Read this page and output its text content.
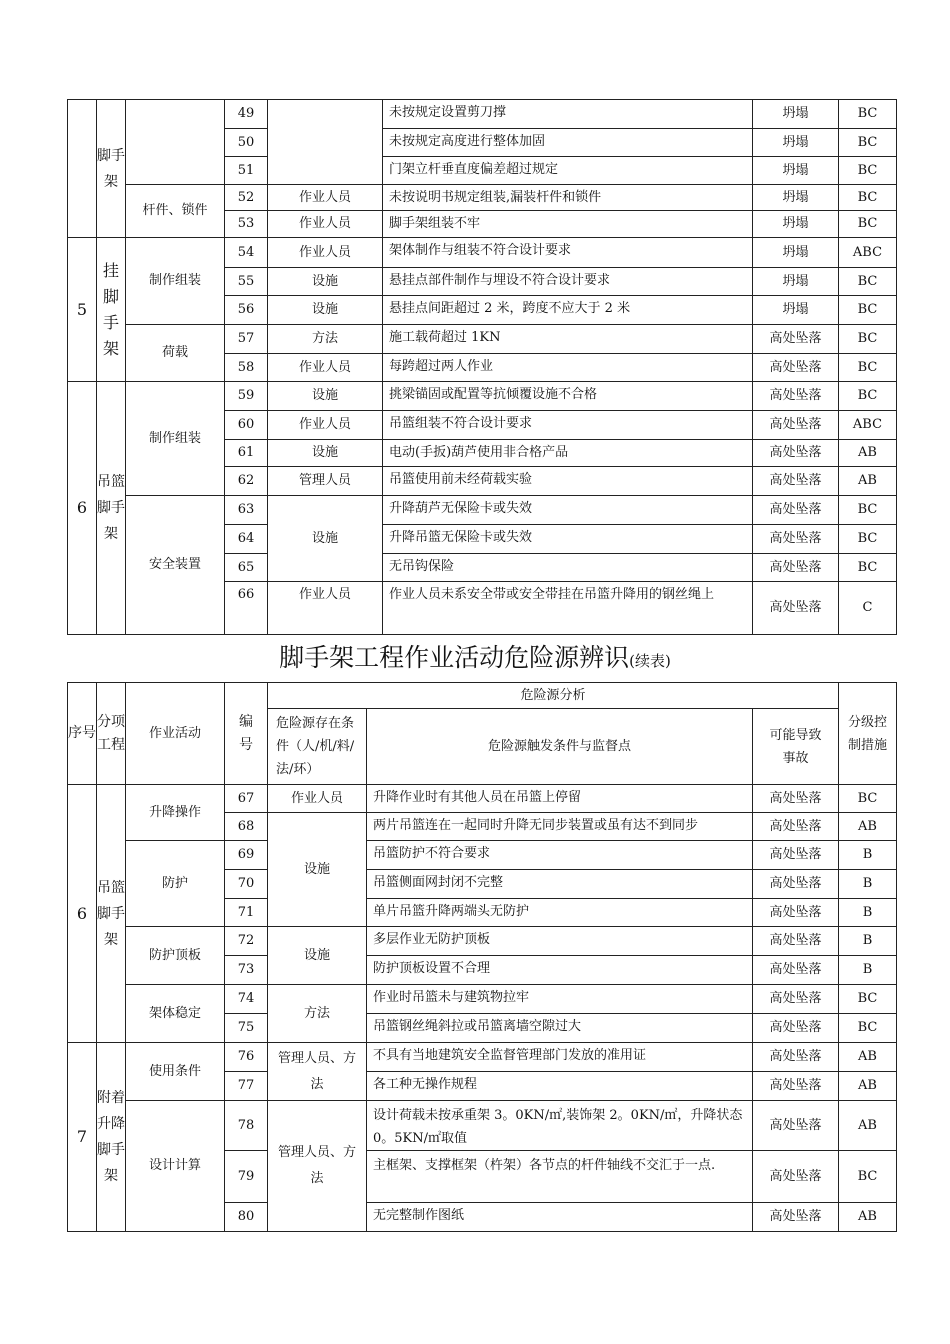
	脚手架		49		未按规定设置剪刀撑	坍塌	BC
			50		未按规定高度进行整体加固	坍塌	BC
			51		门架立杆垂直度偏差超过规定	坍塌	BC
		杆件、锁件	52	作业人员	未按说明书规定组装,漏装杆件和锁件	坍塌	BC
			53	作业人员	脚手架组装不牢	坍塌	BC
5	挂脚手架	制作组装	54	作业人员	架体制作与组装不符合设计要求	坍塌	ABC
			55	设施	悬挂点部件制作与埋设不符合设计要求	坍塌	BC
			56	设施	悬挂点间距超过 2 米，跨度不应大于 2 米	坍塌	BC
		荷载	57	方法	施工载荷超过 1KN	高处坠落	BC
			58	作业人员	每跨超过两人作业	高处坠落	BC
6	吊篮脚手架	制作组装	59	设施	挑梁锚固或配置等抗倾覆设施不合格	高处坠落	BC
			60	作业人员	吊篮组装不符合设计要求	高处坠落	ABC
			61	设施	电动(手扳)葫芦使用非合格产品	高处坠落	AB
			62	管理人员	吊篮使用前未经荷载实验	高处坠落	AB
		安全装置	63	设施	升降葫芦无保险卡或失效	高处坠落	BC
			64		升降吊篮无保险卡或失效	高处坠落	BC
			65		无吊钩保险	高处坠落	BC
			66	作业人员	作业人员未系安全带或安全带挂在吊篮升降用的钢丝绳上	高处坠落	C
脚手架工程作业活动危险源辨识(续表)
序号	分项工程	作业活动	编号	危险源分析			分级控制措施
				危险源存在条件（人/机/料/法/环）	危险源触发条件与监督点	可能导致事故	
6	吊篮脚手架	升降操作	67	作业人员	升降作业时有其他人员在吊篮上停留	高处坠落	BC
			68	设施	两片吊篮连在一起同时升降无同步装置或虽有达不到同步	高处坠落	AB
		防护	69		吊篮防护不符合要求	高处坠落	B
			70		吊篮侧面网封闭不完整	高处坠落	B
			71		单片吊篮升降两端头无防护	高处坠落	B
		防护顶板	72	设施	多层作业无防护顶板	高处坠落	B
			73		防护顶板设置不合理	高处坠落	B
		架体稳定	74	方法	作业时吊篮未与建筑物拉牢	高处坠落	BC
			75		吊篮钢丝绳斜拉或吊篮离墙空隙过大	高处坠落	BC
7	附着升降脚手架	使用条件	76	管理人员、方法	不具有当地建筑安全监督管理部门发放的准用证	高处坠落	AB
			77		各工种无操作规程	高处坠落	AB
		设计计算	78	管理人员、方法	设计荷载未按承重架 3。0KN/㎡,装饰架 2。0KN/㎡，升降状态 0。5KN/㎡取值	高处坠落	AB
			79		主框架、支撑框架（杵架）各节点的杆件轴线不交汇于一点.	高处坠落	BC
			80		无完整制作图纸	高处坠落	AB
